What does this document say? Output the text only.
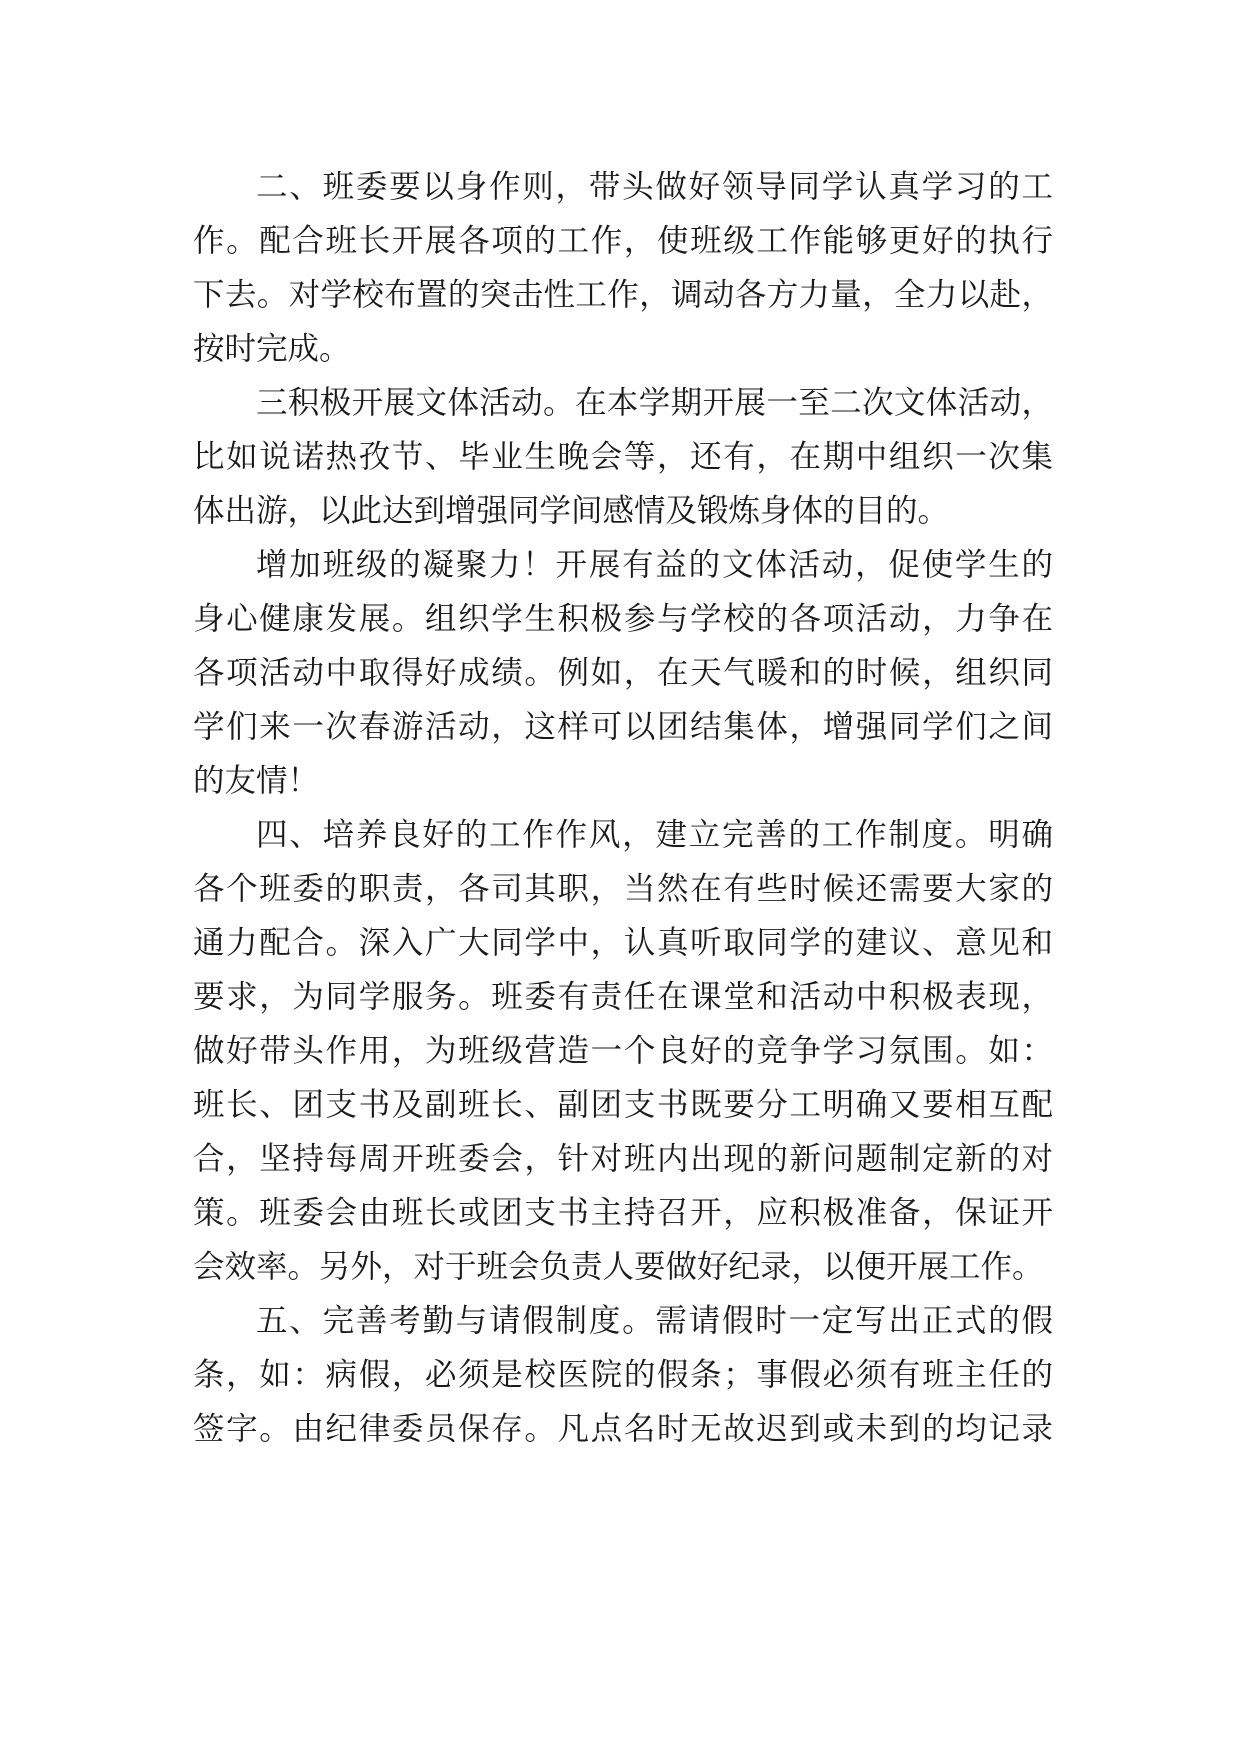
二、班委要以身作则，带头做好领导同学认真学习的工
作。配合班长开展各项的工作，使班级工作能够更好的执行
下去。对学校布置的突击性工作，调动各方力量，全力以赴，
按时完成。
三积极开展文体活动。在本学期开展一至二次文体活动，
比如说诺热孜节、毕业生晚会等，还有，在期中组织一次集
体出游，以此达到增强同学间感情及锻炼身体的目的。
增加班级的凝聚力！开展有益的文体活动，促使学生的
身心健康发展。组织学生积极参与学校的各项活动，力争在
各项活动中取得好成绩。例如，在天气暖和的时候，组织同
学们来一次春游活动，这样可以团结集体，增强同学们之间
的友情！
四、培养良好的工作作风，建立完善的工作制度。明确
各个班委的职责，各司其职，当然在有些时候还需要大家的
通力配合。深入广大同学中，认真听取同学的建议、意见和
要求，为同学服务。班委有责任在课堂和活动中积极表现，
做好带头作用，为班级营造一个良好的竞争学习氛围。如：
班长、团支书及副班长、副团支书既要分工明确又要相互配
合，坚持每周开班委会，针对班内出现的新问题制定新的对
策。班委会由班长或团支书主持召开，应积极准备，保证开
会效率。另外，对于班会负责人要做好纪录，以便开展工作。
五、完善考勤与请假制度。需请假时一定写出正式的假
条，如：病假，必须是校医院的假条；事假必须有班主任的
签字。由纪律委员保存。凡点名时无故迟到或未到的均记录
